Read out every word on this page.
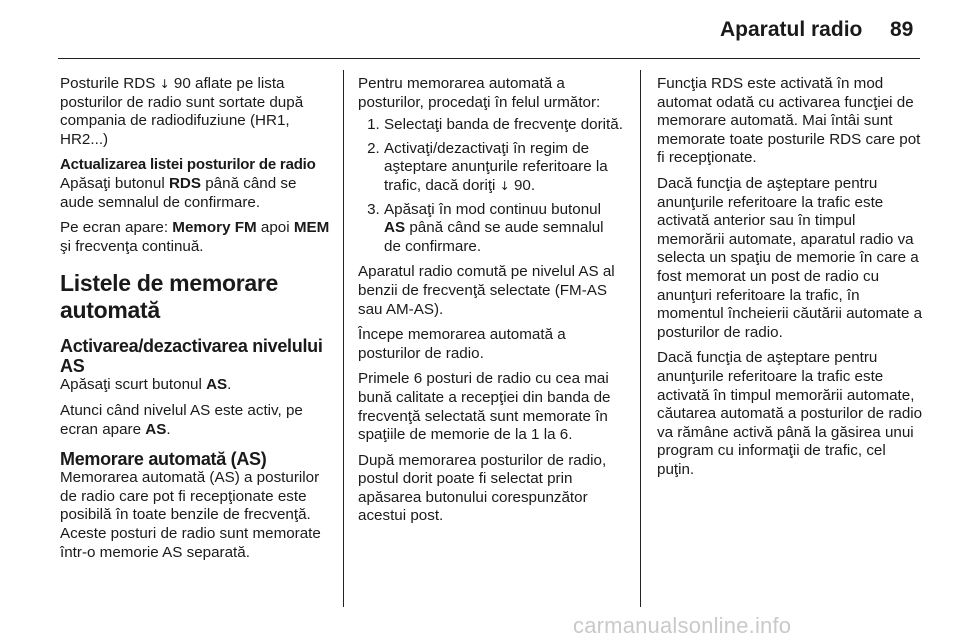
Aparatul radio 89

Posturile RDS ↓ 90 aflate pe lista posturilor de radio sunt sortate după compania de radiodifuziune (HR1, HR2...)

Actualizarea listei posturilor de radio

Apăsaţi butonul RDS până când se aude semnalul de confirmare.

Pe ecran apare: Memory FM apoi MEM şi frecvenţa continuă.

Listele de memorare automată
Activarea/dezactivarea nivelului AS

Apăsaţi scurt butonul AS.

Atunci când nivelul AS este activ, pe ecran apare AS.

Memorare automată (AS)

Memorarea automată (AS) a posturilor de radio care pot fi recepţionate este posibilă în toate benzile de frecvenţă. Aceste posturi de radio sunt memorate într-o memorie AS separată.

Pentru memorarea automată a posturilor, procedaţi în felul următor:

1. Selectaţi banda de frecvenţe dorită.
2. Activaţi/dezactivaţi în regim de aşteptare anunţurile referitoare la trafic, dacă doriţi ↓ 90.
3. Apăsaţi în mod continuu butonul AS până când se aude semnalul de confirmare.

Aparatul radio comută pe nivelul AS al benzii de frecvenţă selectate (FM-AS sau AM-AS).

Începe memorarea automată a posturilor de radio.

Primele 6 posturi de radio cu cea mai bună calitate a recepţiei din banda de frecvenţă selectată sunt memorate în spaţiile de memorie de la 1 la 6.

După memorarea posturilor de radio, postul dorit poate fi selectat prin apăsarea butonului corespunzător acestui post.

Funcţia RDS este activată în mod automat odată cu activarea funcţiei de memorare automată. Mai întâi sunt memorate toate posturile RDS care pot fi recepţionate.

Dacă funcţia de aşteptare pentru anunţurile referitoare la trafic este activată anterior sau în timpul memorării automate, aparatul radio va selecta un spaţiu de memorie în care a fost memorat un post de radio cu anunţuri referitoare la trafic, în momentul încheierii căutării automate a posturilor de radio.

Dacă funcţia de aşteptare pentru anunţurile referitoare la trafic este activată în timpul memorării automate, căutarea automată a posturilor de radio va rămâne activă până la găsirea unui program cu informaţii de trafic, cel puţin.

carmanualsonline.info
